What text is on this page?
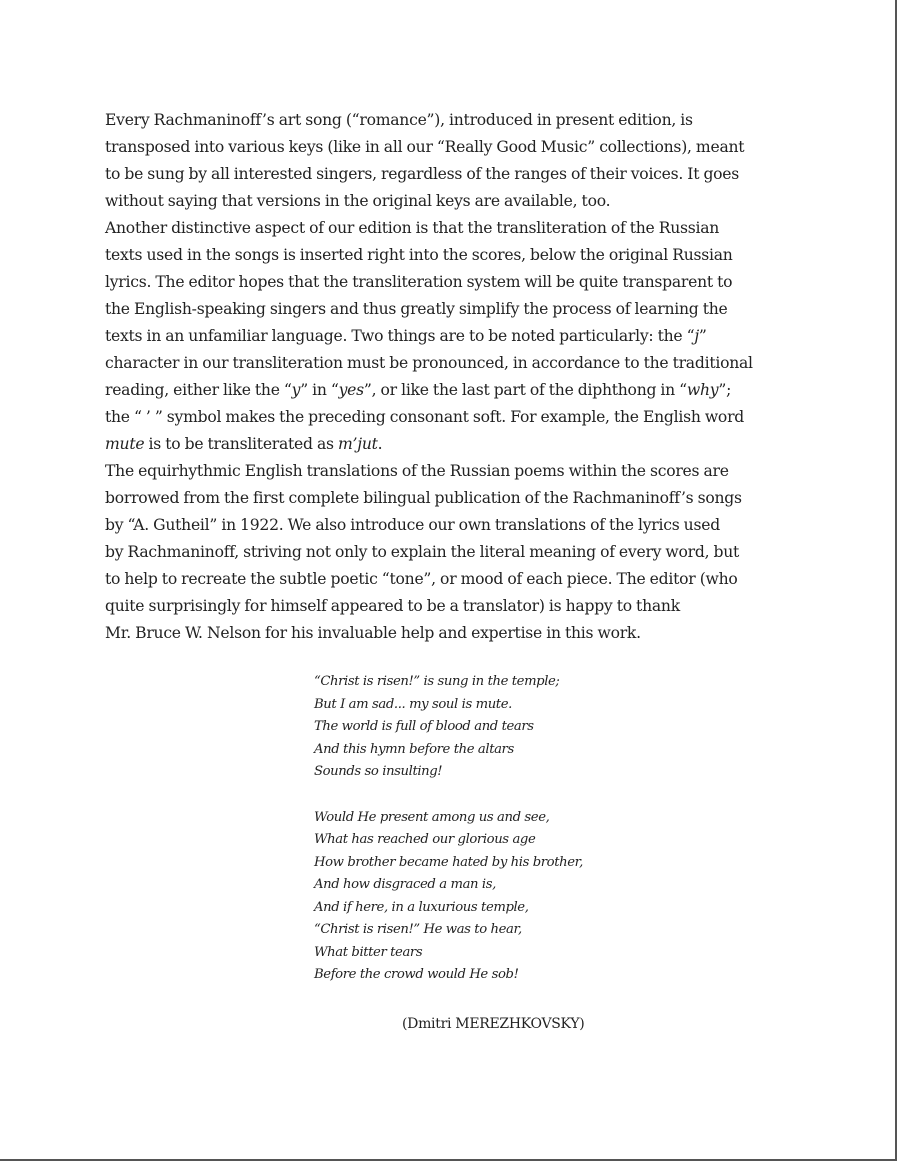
Every Rachmaninoff’s art song (“romance”), introduced in present edition, is
transposed into various keys (like in all our “Really Good Music” collections), meant
to be sung by all interested singers, regardless of the ranges of their voices. It goes
without saying that versions in the original keys are available, too.
Another distinctive aspect of our edition is that the transliteration of the Russian
texts used in the songs is inserted right into the scores, below the original Russian
lyrics. The editor hopes that the transliteration system will be quite transparent to
the English-speaking singers and thus greatly simplify the process of learning the
texts in an unfamiliar language. Two things are to be noted particularly: the “j”
character in our transliteration must be pronounced, in accordance to the traditional
reading, either like the “y” in “yes”, or like the last part of the diphthong in “why”;
the “ ’ ” symbol makes the preceding consonant soft. For example, the English word
mute is to be transliterated as m’jut.
The equirhythmic English translations of the Russian poems within the scores are
borrowed from the first complete bilingual publication of the Rachmaninoff’s songs
by “A. Gutheil” in 1922. We also introduce our own translations of the lyrics used
by Rachmaninoff, striving not only to explain the literal meaning of every word, but
to help to recreate the subtle poetic “tone”, or mood of each piece. The editor (who
quite surprisingly for himself appeared to be a translator) is happy to thank
Mr. Bruce W. Nelson for his invaluable help and expertise in this work.
“Christ is risen!” is sung in the temple;
But I am sad... my soul is mute.
The world is full of blood and tears
And this hymn before the altars
Sounds so insulting!
Would He present among us and see,
What has reached our glorious age
How brother became hated by his brother,
And how disgraced a man is,
And if here, in a luxurious temple,
“Christ is risen!” He was to hear,
What bitter tears
Before the crowd would He sob!
(Dmitri MEREZHKOVSKY)
